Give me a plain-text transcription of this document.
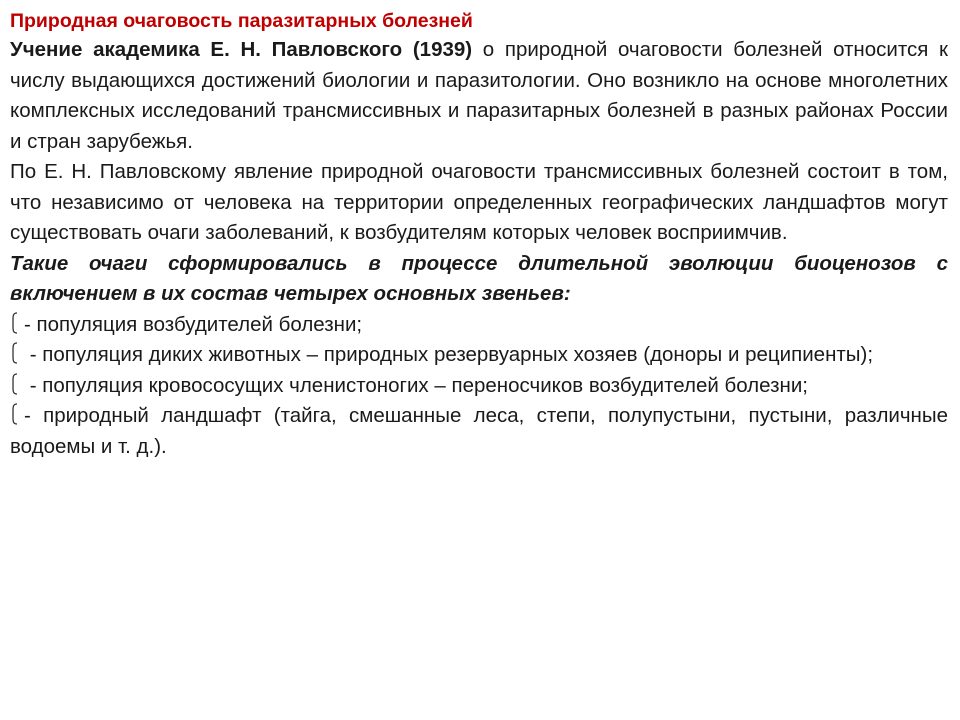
Природная очаговость паразитарных болезней

Учение академика Е. Н. Павловского (1939) о природной очаговости болезней относится к числу выдающихся достижений биологии и паразитологии. Оно возникло на основе многолетних комплексных исследований трансмиссивных и паразитарных болезней в разных районах России и стран зарубежья.

По Е. Н. Павловскому явление природной очаговости трансмиссивных болезней состоит в том, что независимо от человека на территории определенных географических ландшафтов могут существовать очаги заболеваний, к возбудителям которых человек восприимчив.

Такие очаги сформировались в процессе длительной эволюции биоценозов с включением в их состав четырех основных звеньев:

- популяция возбудителей болезни;

- популяция диких животных – природных резервуарных хозяев (доноры и реципиенты);

- популяция кровососущих членистоногих – переносчиков возбудителей болезни;

- природный ландшафт (тайга, смешанные леса, степи, полупустыни, пустыни, различные водоемы и т. д.).
